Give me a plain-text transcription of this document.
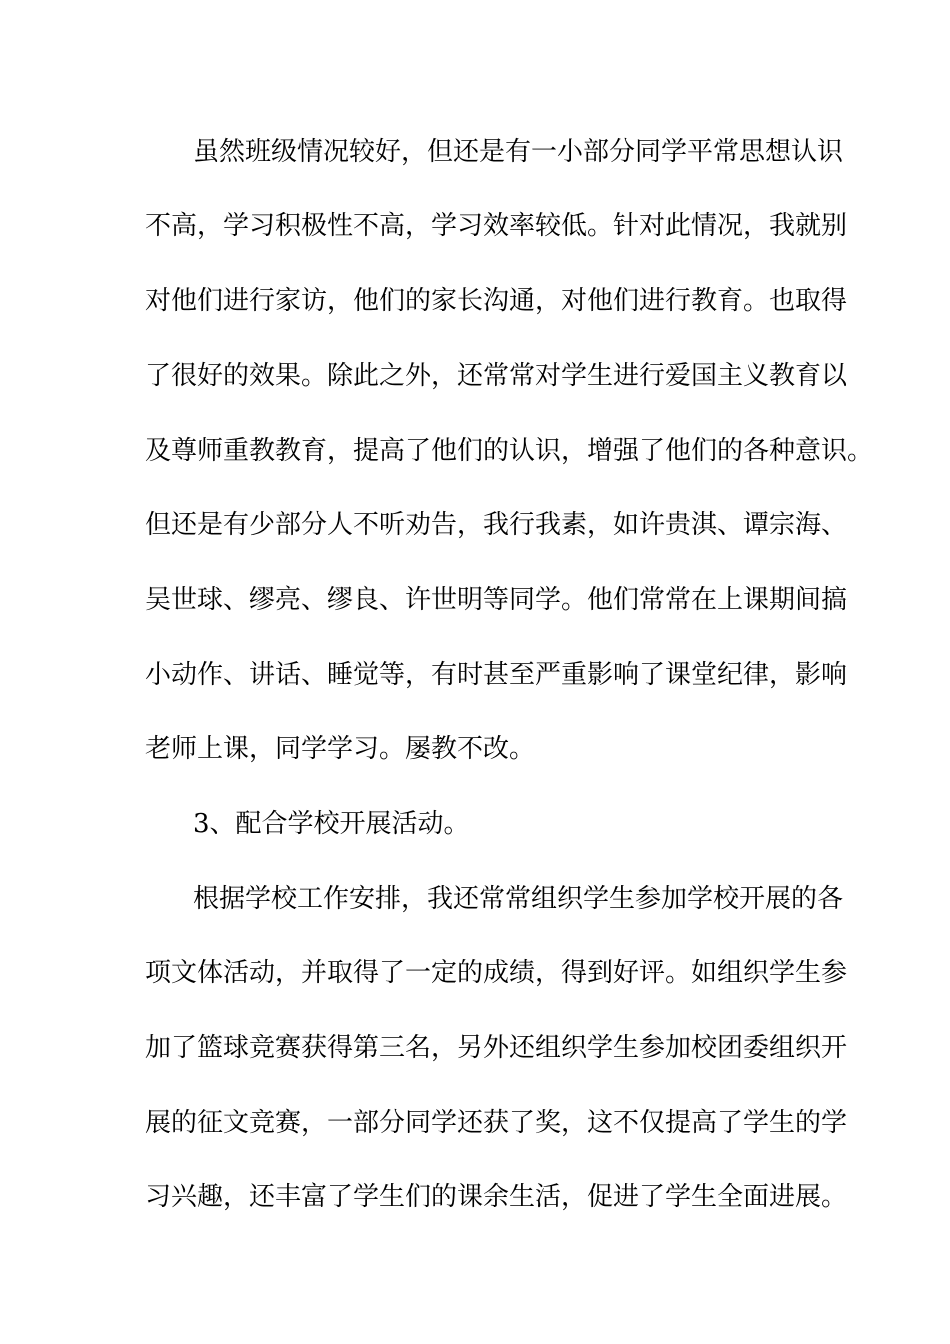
虽然班级情况较好，但还是有一小部分同学平常思想认识
不高，学习积极性不高，学习效率较低。针对此情况，我就别
对他们进行家访，他们的家长沟通，对他们进行教育。也取得
了很好的效果。除此之外，还常常对学生进行爱国主义教育以
及尊师重教教育，提高了他们的认识，增强了他们的各种意识。
但还是有少部分人不听劝告，我行我素，如许贵淇、谭宗海、
吴世球、缪亮、缪良、许世明等同学。他们常常在上课期间搞
小动作、讲话、睡觉等，有时甚至严重影响了课堂纪律，影响
老师上课，同学学习。屡教不改。
3、配合学校开展活动。
根据学校工作安排，我还常常组织学生参加学校开展的各
项文体活动，并取得了一定的成绩，得到好评。如组织学生参
加了篮球竞赛获得第三名，另外还组织学生参加校团委组织开
展的征文竞赛，一部分同学还获了奖，这不仅提高了学生的学
习兴趣，还丰富了学生们的课余生活，促进了学生全面进展。
